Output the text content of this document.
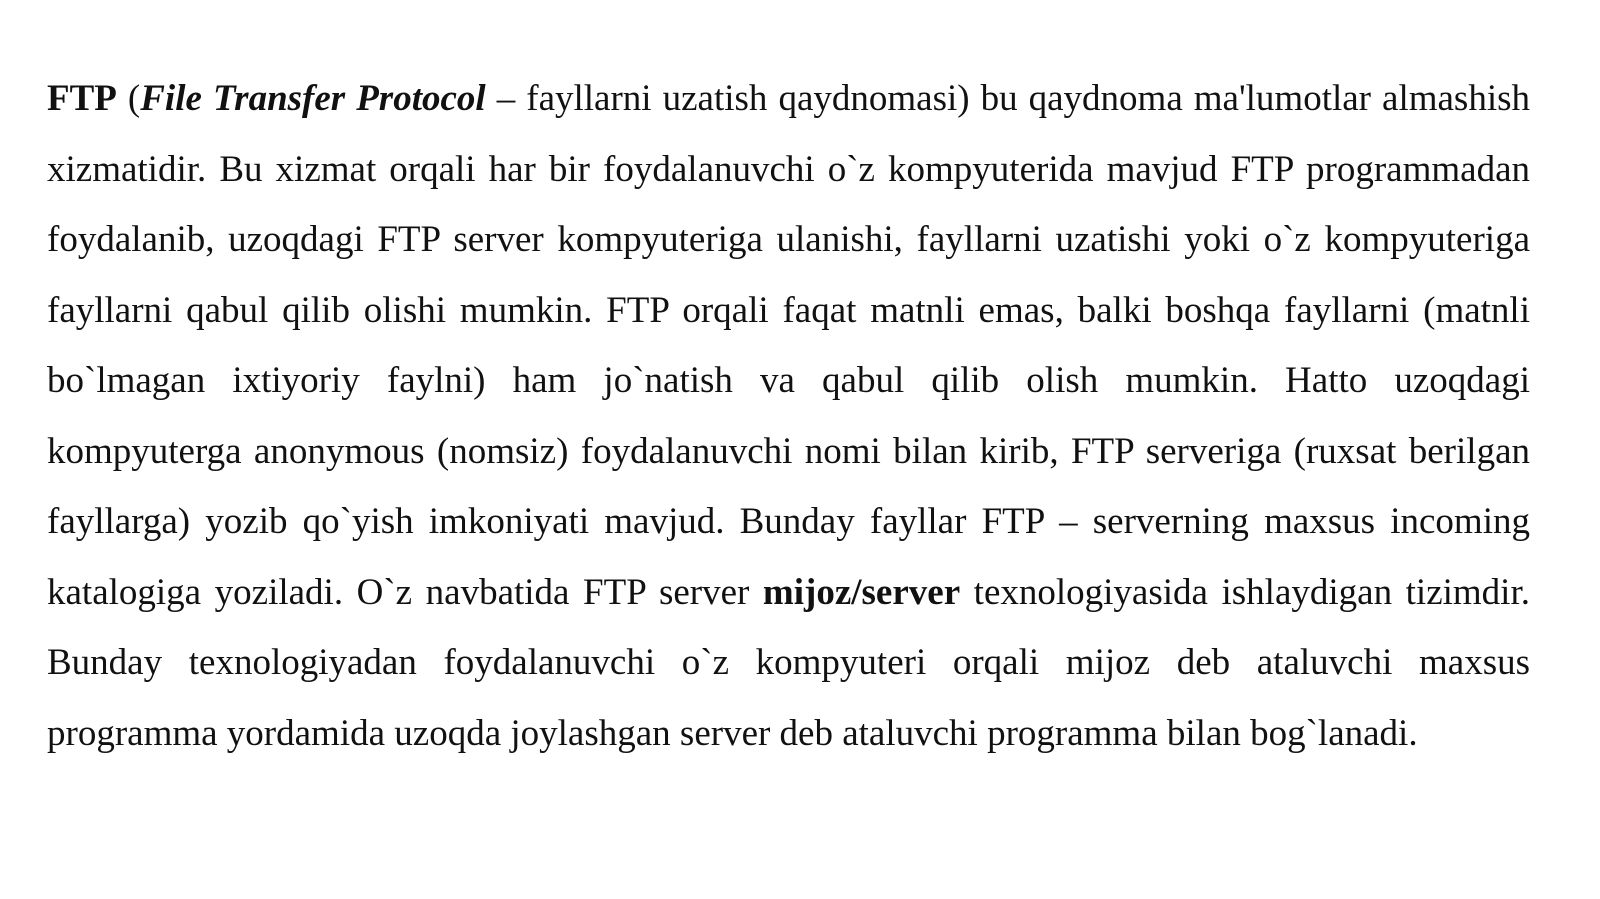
FTP (File Transfer Protocol – fayllarni uzatish qaydnomasi) bu qaydnoma ma'lumotlar almashish xizmatidir. Bu xizmat orqali har bir foydalanuvchi o`z kompyuterida mavjud FTP programmadan foydalanib, uzoqdagi FTP server kompyuteriga ulanishi, fayllarni uzatishi yoki o`z kompyuteriga fayllarni qabul qilib olishi mumkin. FTP orqali faqat matnli emas, balki boshqa fayllarni (matnli bo`lmagan ixtiyoriy faylni) ham jo`natish va qabul qilib olish mumkin. Hatto uzoqdagi kompyuterga anonymous (nomsiz) foydalanuvchi nomi bilan kirib, FTP serveriga (ruxsat berilgan fayllarga) yozib qo`yish imkoniyati mavjud. Bunday fayllar FTP – serverning maxsus incoming katalogiga yoziladi. O`z navbatida FTP server mijoz/server texnologiyasida ishlaydigan tizimdir. Bunday texnologiyadan foydalanuvchi o`z kompyuteri orqali mijoz deb ataluvchi maxsus programma yordamida uzoqda joylashgan server deb ataluvchi programma bilan bog`lanadi.
